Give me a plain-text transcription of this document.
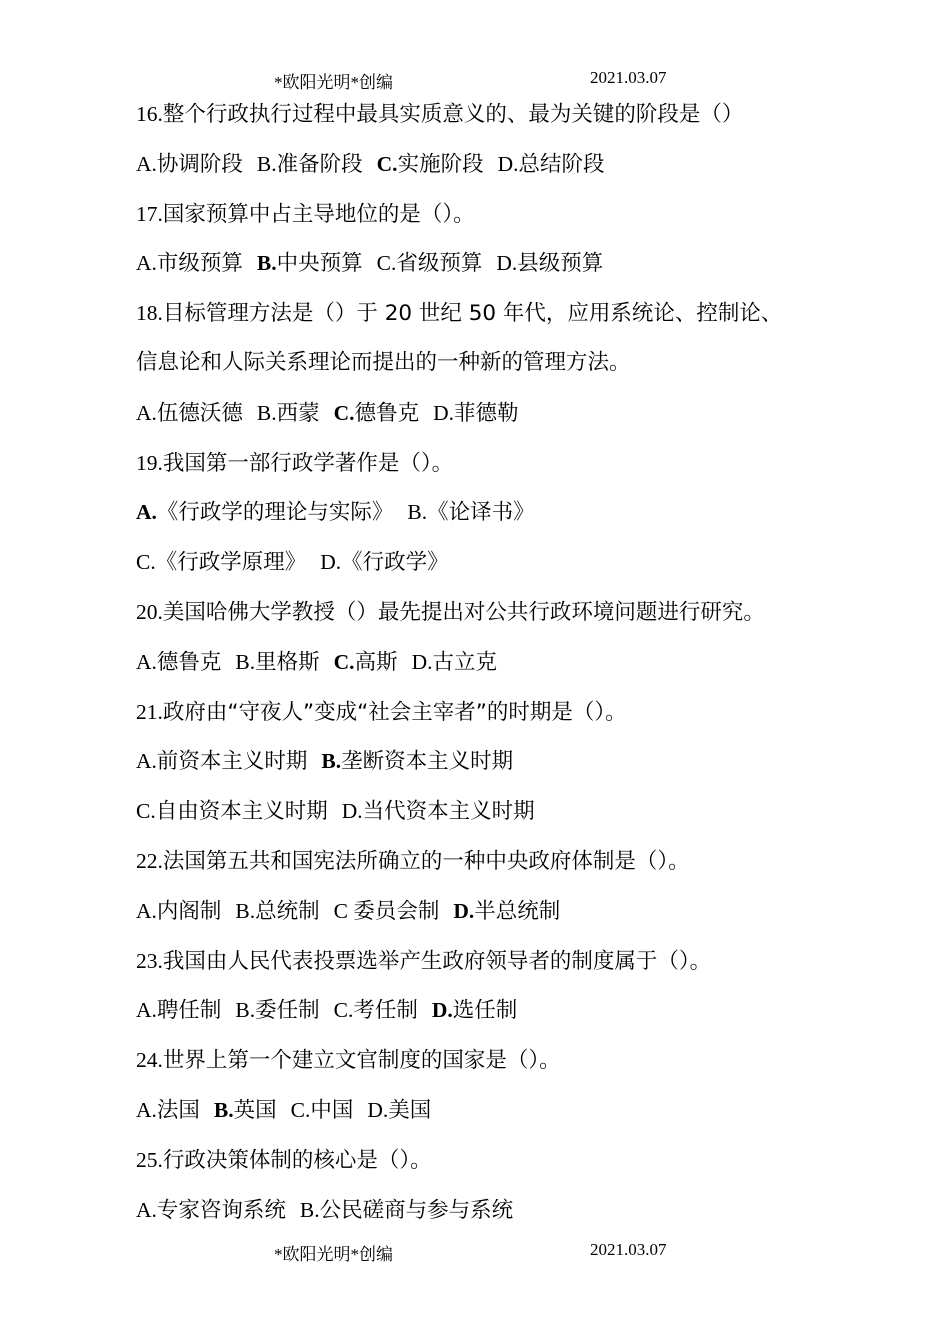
*欧阳光明*创编	2021.03.07
16.整个行政执行过程中最具实质意义的、最为关键的阶段是（）
A.协调阶段 B.准备阶段 C.实施阶段 D.总结阶段
17.国家预算中占主导地位的是（）。
A.市级预算 B.中央预算 C.省级预算 D.县级预算
18.目标管理方法是（）于 20 世纪 50 年代，应用系统论、控制论、
信息论和人际关系理论而提出的一种新的管理方法。
A.伍德沃德 B.西蒙 C.德鲁克 D.菲德勒
19.我国第一部行政学著作是（）。
A.《行政学的理论与实际》 B.《论译书》
C.《行政学原理》 D.《行政学》
20.美国哈佛大学教授（）最先提出对公共行政环境问题进行研究。
A.德鲁克 B.里格斯 C.高斯 D.古立克
21.政府由“守夜人”变成“社会主宰者”的时期是（）。
A.前资本主义时期 B.垄断资本主义时期
C.自由资本主义时期 D.当代资本主义时期
22.法国第五共和国宪法所确立的一种中央政府体制是（）。
A.内阁制 B.总统制 C 委员会制 D.半总统制
23.我国由人民代表投票选举产生政府领导者的制度属于（）。
A.聘任制 B.委任制 C.考任制 D.选任制
24.世界上第一个建立文官制度的国家是（）。
A.法国 B.英国 C.中国 D.美国
25.行政决策体制的核心是（）。
A.专家咨询系统 B.公民磋商与参与系统
*欧阳光明*创编	2021.03.07
